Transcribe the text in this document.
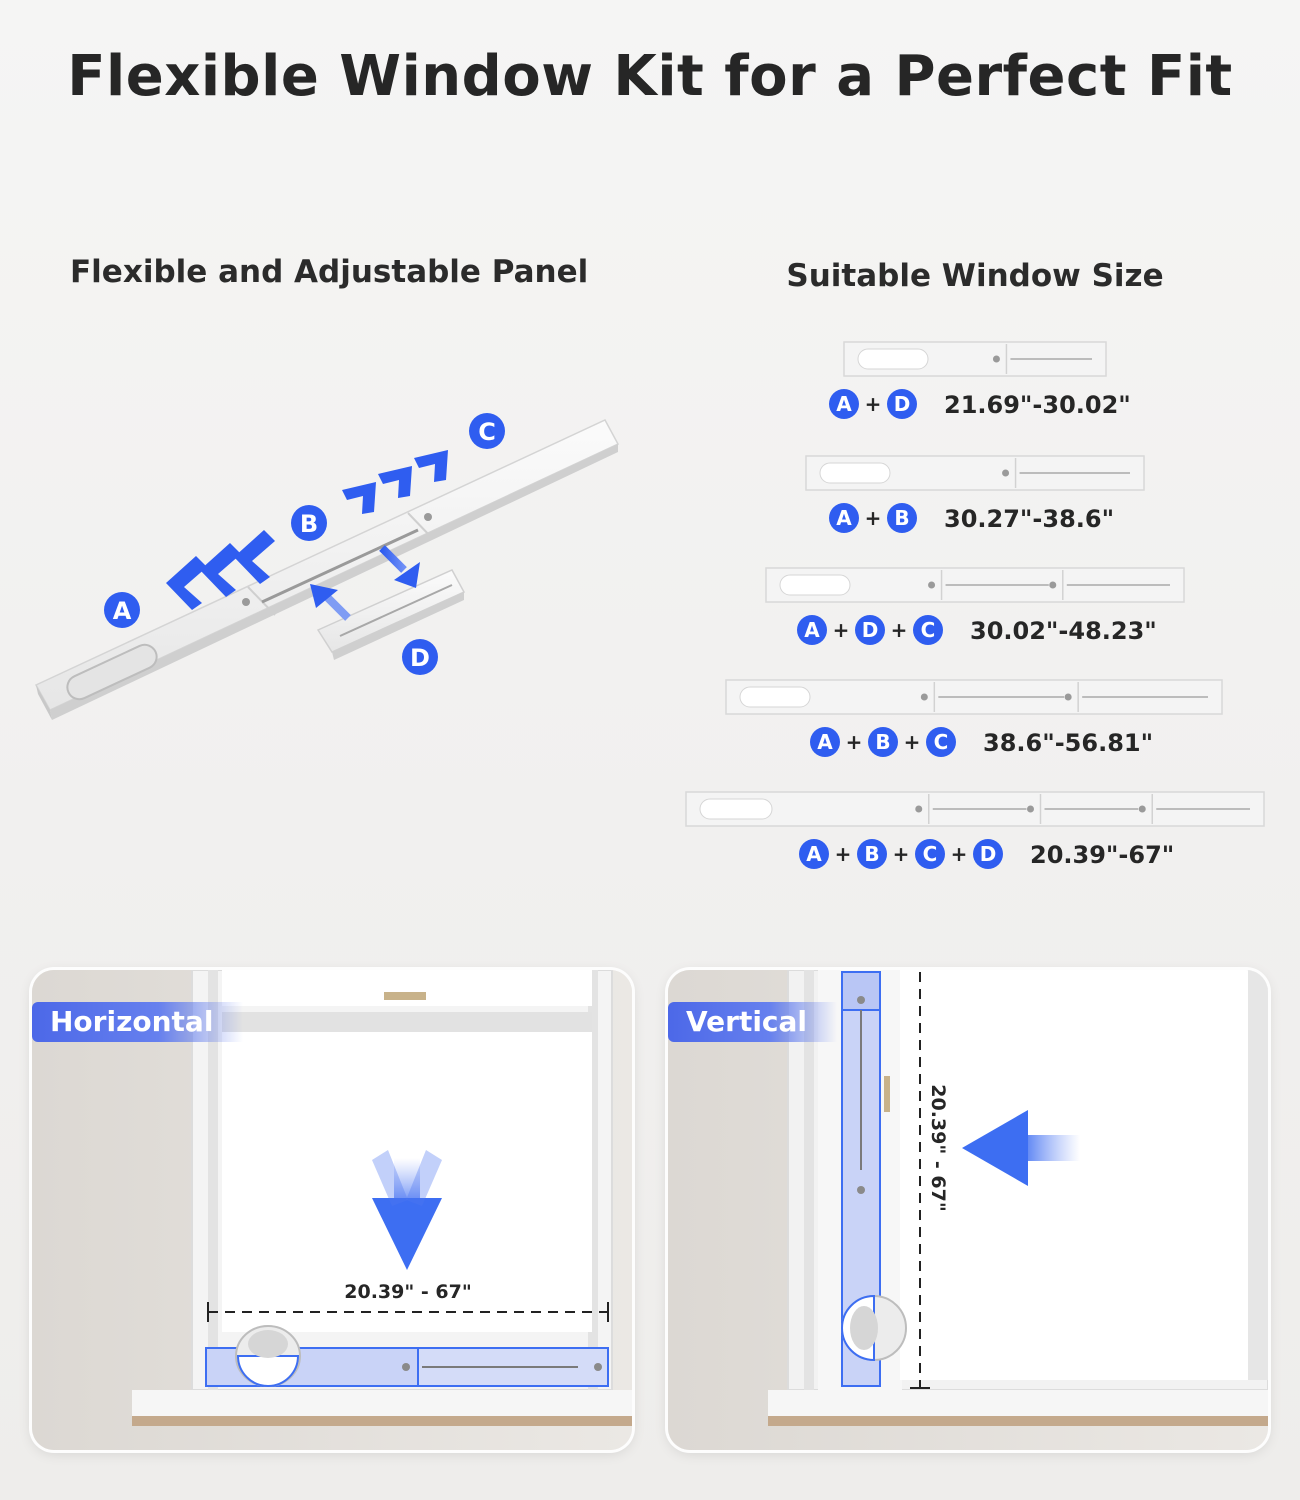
Flexible Window Kit for a Perfect Fit
Flexible and Adjustable Panel	Suitable Window Size
A
B
C
D
A + D 21.69"-30.02"
A + B 30.27"-38.6"
A + D + C 30.02"-48.23"
A + B + C 38.6"-56.81"
A + B + C + D 20.39"-67"
20.39" - 67"
Horizontal
20.39" - 67"
Vertical
